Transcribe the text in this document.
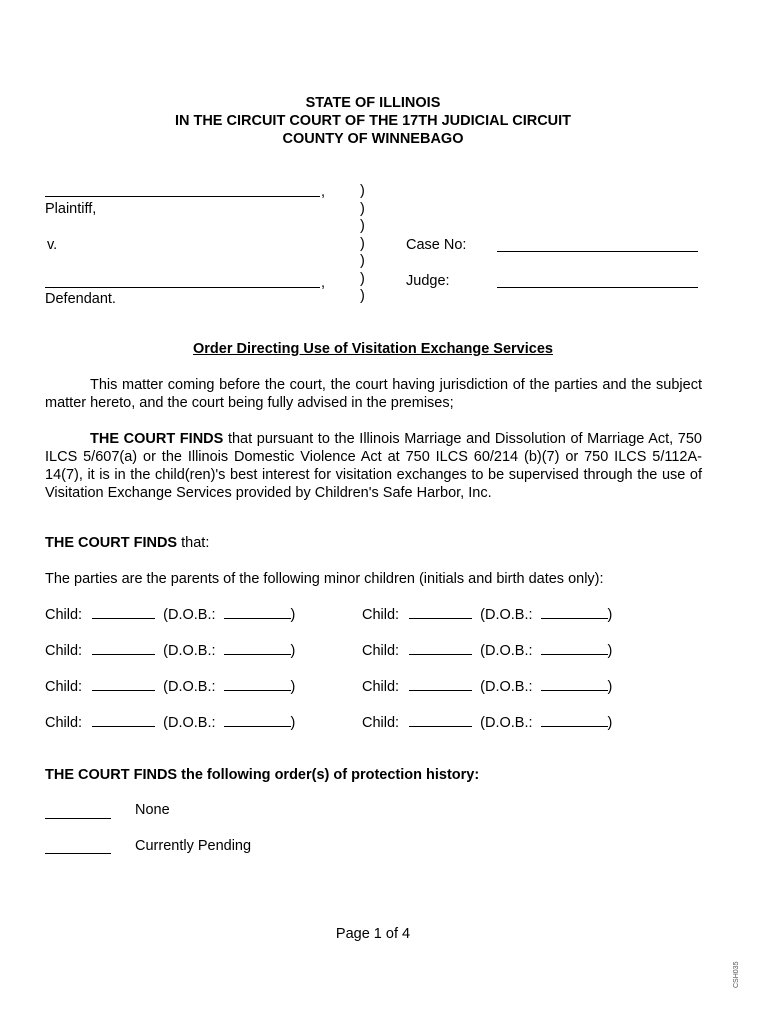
STATE OF ILLINOIS
IN THE CIRCUIT COURT OF THE 17TH JUDICIAL CIRCUIT
COUNTY OF WINNEBAGO
,
Plaintiff,
v.
,
Defendant.
)
)
)
)
)
)
)
Case No:
Judge:
Order Directing Use of Visitation Exchange Services
This matter coming before the court, the court having jurisdiction of the parties and the subject matter hereto, and the court being fully advised in the premises;
THE COURT FINDS that pursuant to the Illinois Marriage and Dissolution of Marriage Act, 750 ILCS 5/607(a) or the Illinois Domestic Violence Act at 750 ILCS 60/214 (b)(7) or 750 ILCS 5/112A-14(7), it is in the child(ren)'s best interest for visitation exchanges to be supervised through the use of Visitation Exchange Services provided by Children's Safe Harbor, Inc.
THE COURT FINDS that:
The parties are the parents of the following minor children (initials and birth dates only):
Child:	(D.O.B.:	)
Child:	(D.O.B.:	)
Child:	(D.O.B.:	)
Child:	(D.O.B.:	)
Child:	(D.O.B.:	)
Child:	(D.O.B.:	)
Child:	(D.O.B.:	)
Child:	(D.O.B.:	)
THE COURT FINDS the following order(s) of protection history:
None
Currently Pending
Page 1 of 4
CSH035
